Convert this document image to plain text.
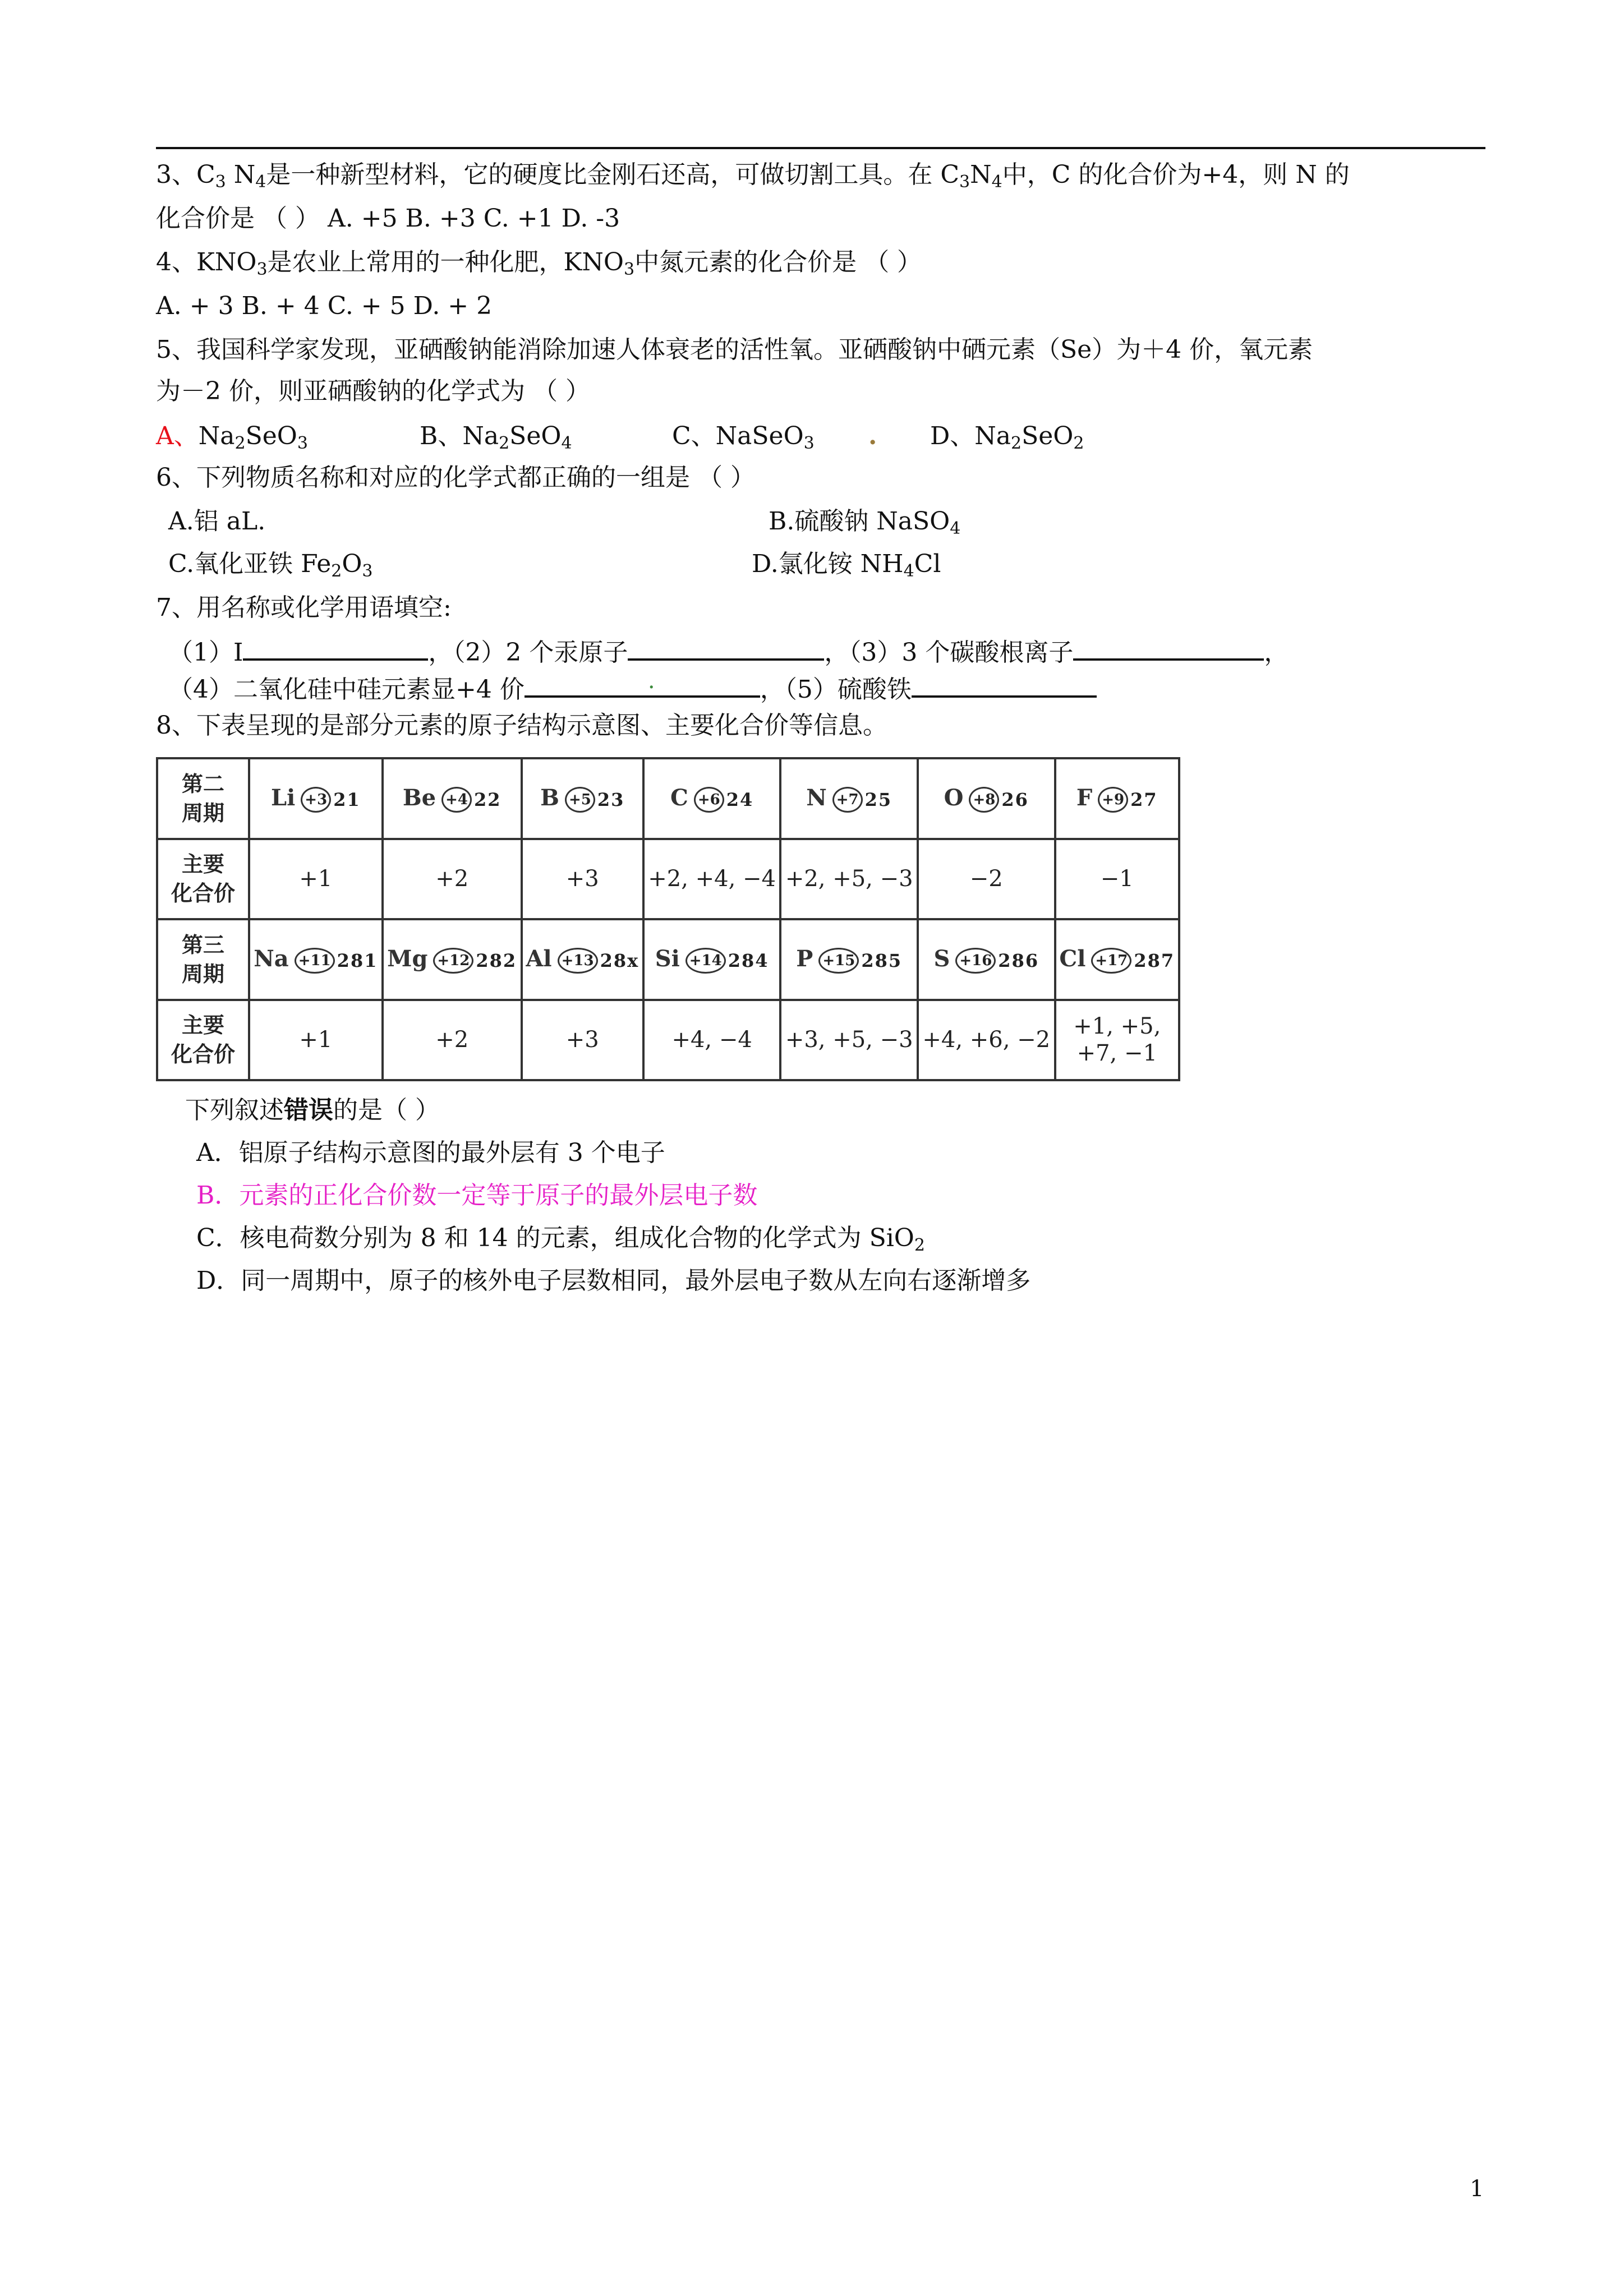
3、$C_3$ $N_4$是一种新型材料，它的硬度比金刚石还高，可做切割工具。在 $C_3N_4$中，C 的化合价为+4，则 N 的
化合价是 （ ） A. +5 B. +3 C. +1 D. -3
4、$KNO_3$是农业上常用的一种化肥，$KNO_3$中氮元素的化合价是 （ ）
A. + 3 B. + 4 C. + 5 D. + 2
5、我国科学家发现，亚硒酸钠能消除加速人体衰老的活性氧。亚硒酸钠中硒元素（Se）为＋4 价，氧元素
为－2 价，则亚硒酸钠的化学式为 （ ）
A、$Na_2SeO_3$	B、$Na_2SeO_4$	C、NaSeO$_3$ . D、$Na_2SeO_2$
6、下列物质名称和对应的化学式都正确的一组是 （ ）
A.铝 aL.	B.硫酸钠 NaSO$_4$
C.氧化亚铁 $Fe_2O_3$	D.氯化铵 $NH_4Cl$
7、用名称或化学用语填空:
（1）I	，（2）2 个汞原子	，（3）3 个碳酸根离子	，
（4）二氧化硅中硅元素显+4 价	.	，（5）硫酸铁
8、下表呈现的是部分元素的原子结构示意图、主要化合价等信息。
第二
周期	Li +3 21	Be +4 22	B +5 23	C +6 24	N +7 25	O +8 26	F +9 27

主要
化合价	+1	+2	+3	+2, +4, −4	+2, +5, −3	−2	−1
第三
周期	Na +11 281	Mg +12 282	Al +13 28x	Si +14 284	P +15 285	S +16 286	Cl +17 287

主要
化合价	+1	+2	+3	+4, −4	+3, +5, −3	+4, +6, −2	+1, +5,
+7, −1
下列叙述错误的是（ ）
A．铝原子结构示意图的最外层有 3 个电子
B．元素的正化合价数一定等于原子的最外层电子数
C．核电荷数分别为 8 和 14 的元素，组成化合物的化学式为 SiO$_2$
D．同一周期中，原子的核外电子层数相同，最外层电子数从左向右逐渐增多
1
